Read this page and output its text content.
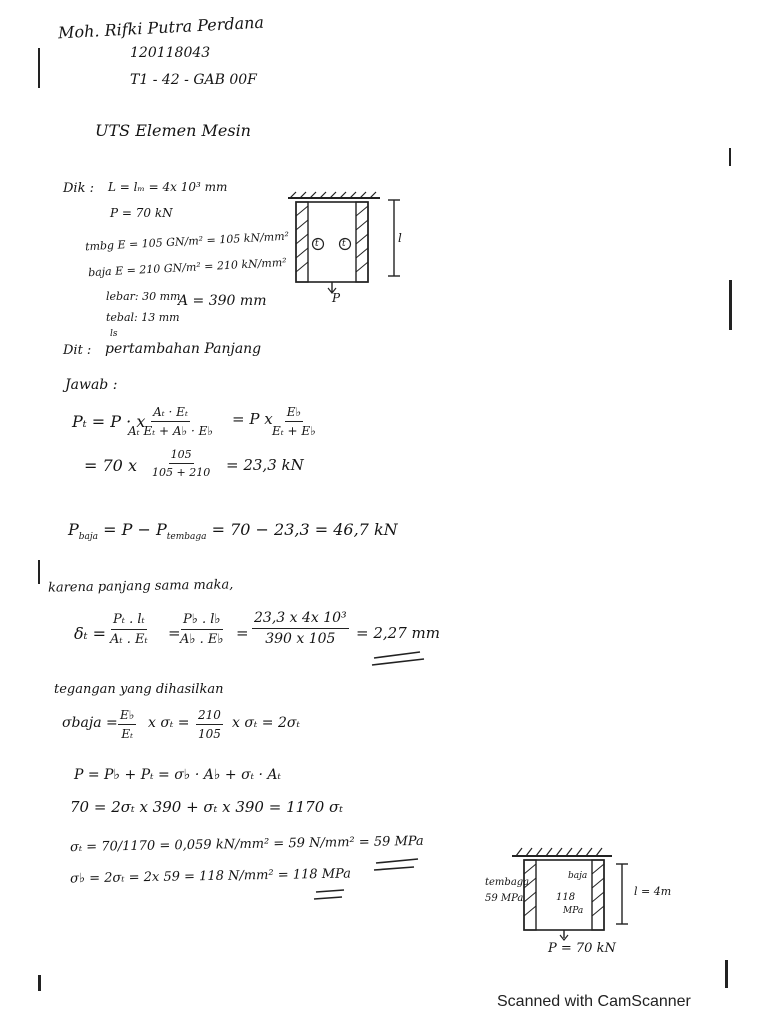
Moh. Rifki Putra Perdana
120118043
T1 - 42 - GAB 00F
UTS Elemen Mesin
Dik : L = lₘ = 4x 10³ mm
P = 70 kN
tmbg E = 105 GN/m² = 105 kN/mm²
baja E = 210 GN/m² = 210 kN/mm²
lebar: 30 mm
A = 390 mm
tebal: 13 mm
ls
t	t	l
P
Dit : pertambahan Panjang
Jawab :
Pₜ = P · x
$\frac{\text{Aₜ · Eₜ}}{\text{Aₜ Eₜ + A♭ · E♭}} = P$ x
$\frac{E♭}{\text{Eₜ + E♭}}$
= 70 x $\frac{105}{105 + 210} = 23,3$ kN
$P_{baja} = P - P_{tembaga} = 70 - 23,3 = 46,7$ kN
karena panjang sama maka,
$\delta_t = \frac{\text{Pₜ . lₜ}}{\text{Aₜ . Eₜ}}$ =
$\frac{P♭ . l♭}{A♭ . E♭} = \frac{\text{23,3 x 4x 10³}}{390 x 105} = 2,27$ mm
tegangan yang dihasilkan
σbaja = $\frac{E♭}{\text{Eₜ}}$ x $\sigma_t = \frac{210}{105}$ x σₜ = 2σₜ
P = P♭ + Pₜ = σ♭ · A♭ + σₜ · Aₜ
70 = 2σₜ x 390 + σₜ x 390 = 1170 σₜ
σₜ = 70/1170 = 0,059 kN/mm² = 59 N/mm² = 59 MPa
σ♭ = 2σₜ = 2x 59 = 118 N/mm² = 118 MPa	tembaga
59 MPa
baja
118
MPa
l = 4m
P = 70 kN
Scanned with CamScanner
